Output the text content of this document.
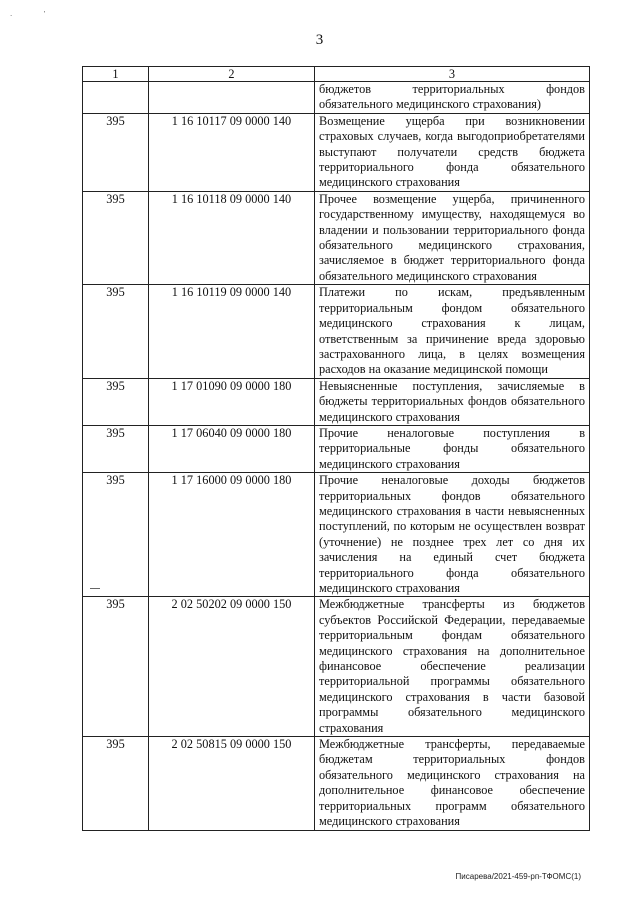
`	'
3
1	2	3
		бюджетов территориальных фондов обязательного медицинского страхования)
395	1 16 10117 09 0000 140	Возмещение ущерба при возникновении страховых случаев, когда выгодоприобретателями выступают получатели средств бюджета территориального фонда обязательного медицинского страхования
395	1 16 10118 09 0000 140	Прочее возмещение ущерба, причиненного государственному имуществу, находящемуся во владении и пользовании территориального фонда обязательного медицинского страхования, зачисляемое в бюджет территориального фонда обязательного медицинского страхования
395	1 16 10119 09 0000 140	Платежи по искам, предъявленным территориальным фондом обязательного медицинского страхования к лицам, ответственным за причинение вреда здоровью застрахованного лица, в целях возмещения расходов на оказание медицинской помощи
395	1 17 01090 09 0000 180	Невыясненные поступления, зачисляемые в бюджеты территориальных фондов обязательного медицинского страхования
395	1 17 06040 09 0000 180	Прочие неналоговые поступления в территориальные фонды обязательного медицинского страхования
395	1 17 16000 09 0000 180	Прочие неналоговые доходы бюджетов территориальных фондов обязательного медицинского страхования в части невыясненных поступлений, по которым не осуществлен возврат (уточнение) не позднее трех лет со дня их зачисления на единый счет бюджета территориального фонда обязательного медицинского страхования
395	2 02 50202 09 0000 150	Межбюджетные трансферты из бюджетов субъектов Российской Федерации, передаваемые территориальным фондам обязательного медицинского страхования на дополнительное финансовое обеспечение реализации территориальной программы обязательного медицинского страхования в части базовой программы обязательного медицинского страхования
395	2 02 50815 09 0000 150	Межбюджетные трансферты, передаваемые бюджетам территориальных фондов обязательного медицинского страхования на дополнительное финансовое обеспечение территориальных программ обязательного медицинского страхования
Писарева/2021-459-рп-ТФОМС(1)
